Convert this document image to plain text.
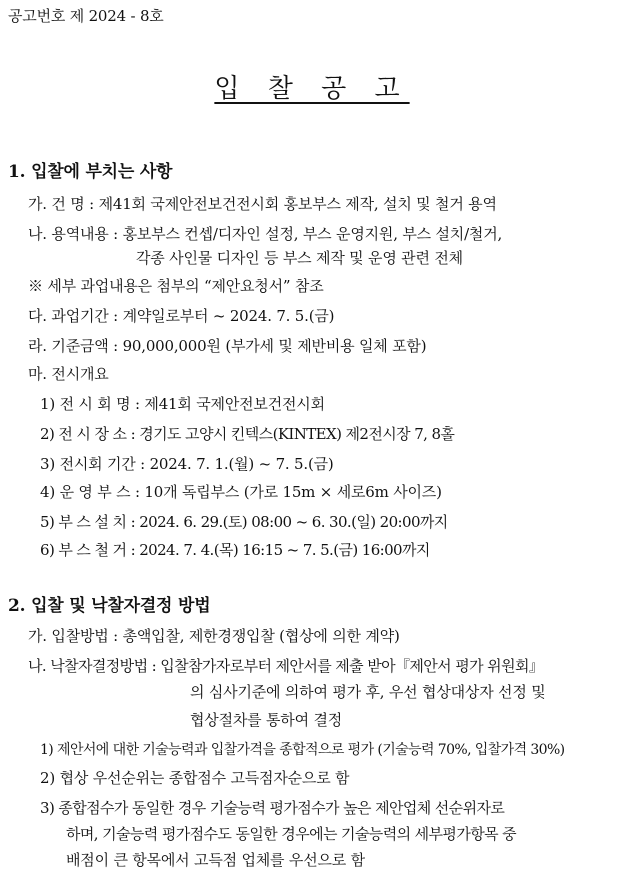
공고번호 제 2024 - 8호
입 찰 공 고
1. 입찰에 부치는 사항
가. 건 명 : 제41회 국제안전보건전시회 홍보부스 제작, 설치 및 철거 용역
나. 용역내용 : 홍보부스 컨셉/디자인 설정, 부스 운영지원, 부스 설치/철거,
각종 사인물 디자인 등 부스 제작 및 운영 관련 전체
※ 세부 과업내용은 첨부의 “제안요청서” 참조
다. 과업기간 : 계약일로부터 ~ 2024. 7. 5.(금)
라. 기준금액 : 90,000,000원 (부가세 및 제반비용 일체 포함)
마. 전시개요
1) 전 시 회 명 : 제41회 국제안전보건전시회
2) 전 시 장 소 : 경기도 고양시 킨텍스(KINTEX) 제2전시장 7, 8홀
3) 전시회 기간 : 2024. 7. 1.(월) ~ 7. 5.(금)
4) 운 영 부 스 : 10개 독립부스 (가로 15m × 세로6m 사이즈)
5) 부 스 설 치 : 2024. 6. 29.(토) 08:00 ~ 6. 30.(일) 20:00까지
6) 부 스 철 거 : 2024. 7. 4.(목) 16:15 ~ 7. 5.(금) 16:00까지
2. 입찰 및 낙찰자결정 방법
가. 입찰방법 : 총액입찰, 제한경쟁입찰 (협상에 의한 계약)
나. 낙찰자결정방법 : 입찰참가자로부터 제안서를 제출 받아『제안서 평가 위원회』
의 심사기준에 의하여 평가 후, 우선 협상대상자 선정 및
협상절차를 통하여 결정
1) 제안서에 대한 기술능력과 입찰가격을 종합적으로 평가 (기술능력 70%, 입찰가격 30%)
2) 협상 우선순위는 종합점수 고득점자순으로 함
3) 종합점수가 동일한 경우 기술능력 평가점수가 높은 제안업체 선순위자로
하며, 기술능력 평가점수도 동일한 경우에는 기술능력의 세부평가항목 중
배점이 큰 항목에서 고득점 업체를 우선으로 함
